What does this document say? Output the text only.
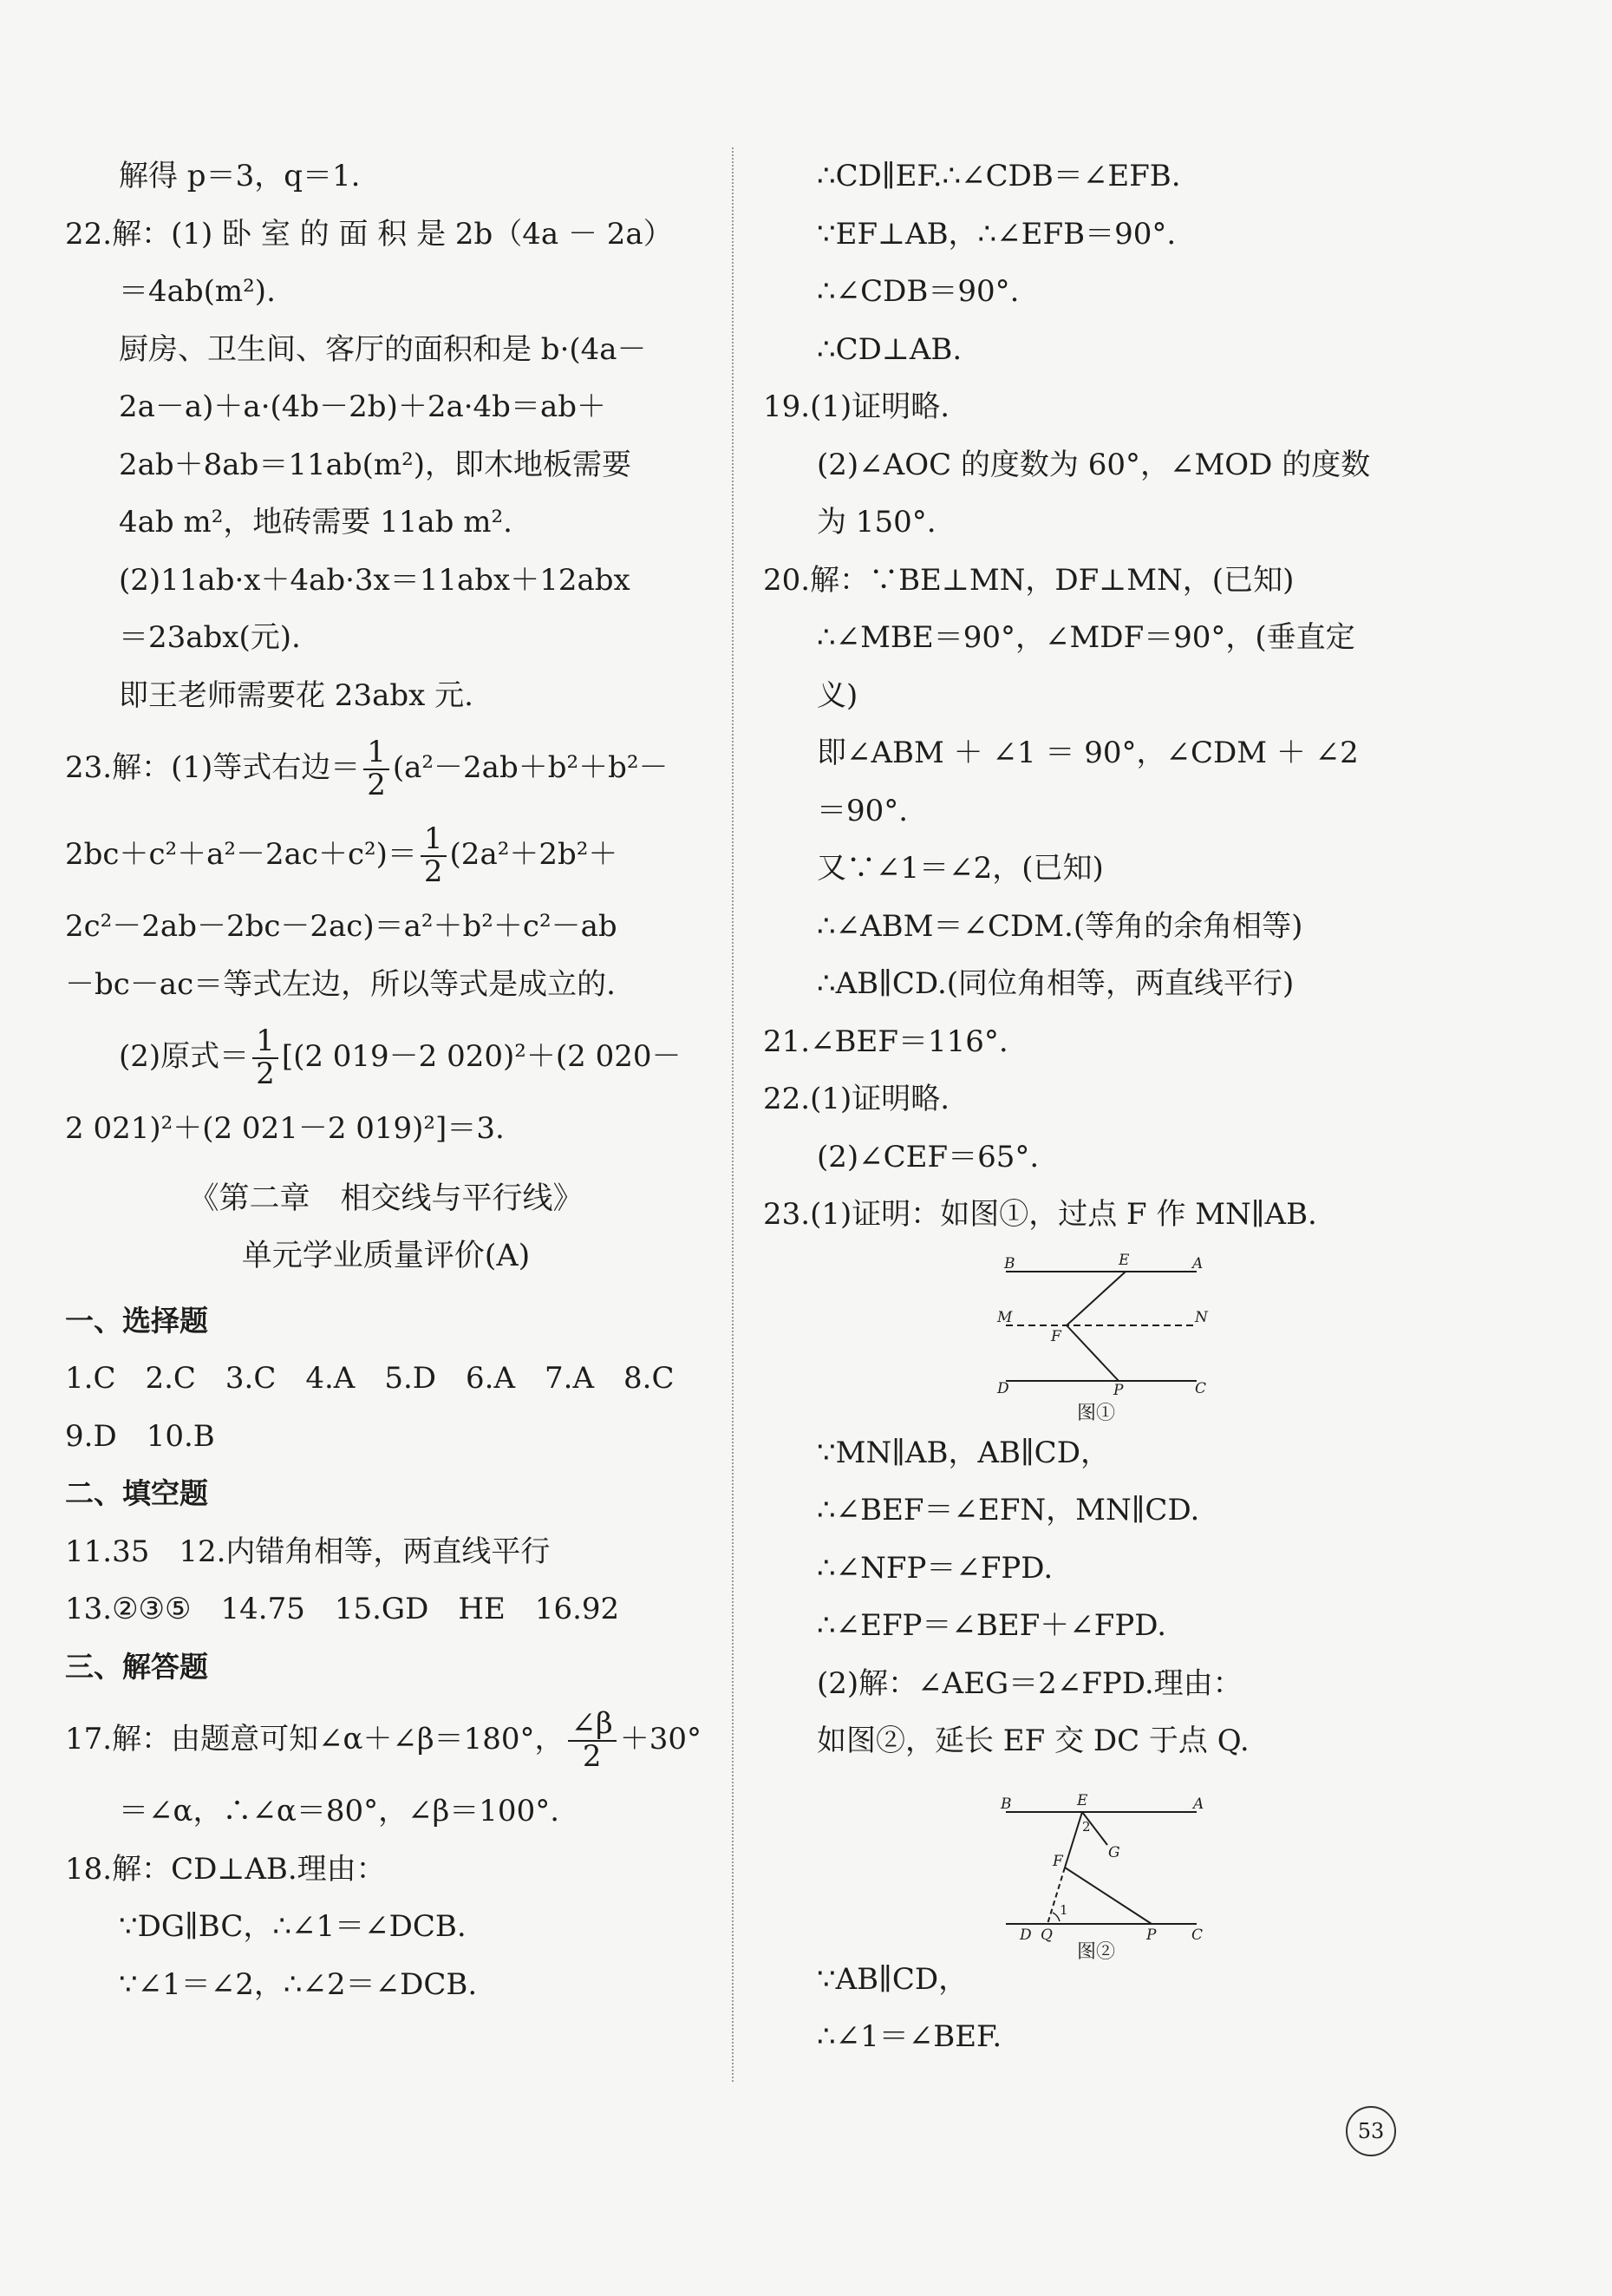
解得 p＝3，q＝1.
22.解：(1) 卧 室 的 面 积 是 2b（4a － 2a）
＝4ab(m²).
厨房、卫生间、客厅的面积和是 b·(4a－
2a－a)＋a·(4b－2b)＋2a·4b＝ab＋
2ab＋8ab＝11ab(m²)，即木地板需要
4ab m²，地砖需要 11ab m².
(2)11ab·x＋4ab·3x＝11abx＋12abx
＝23abx(元).
即王老师需要花 23abx 元.
23.解：(1)等式右边＝ $\frac{1}{2} (a^2-2ab+b^2+b^2-$
$2bc+c^2+a^2-2ac+c^2)= \frac{1}{2} (2a^2+2b^2+$
2c²－2ab－2bc－2ac)＝a²＋b²＋c²－ab
－bc－ac＝等式左边，所以等式是成立的.
(2)原式＝ $\frac{1}{2} [(2$ 019－2 020)²＋(2 020－
2 021)²＋(2 021－2 019)²]＝3.
《第二章　相交线与平行线》
单元学业质量评价(A)
一、选择题
1.C　2.C　3.C　4.A　5.D　6.A　7.A　8.C
9.D　10.B
二、填空题
11.35　12.内错角相等，两直线平行
13.②③⑤　14.75　15.GD　HE　16.92
三、解答题
17.解：由题意可知∠α＋∠β＝180°， $\frac{\angle\beta}{2} +30^\circ$
＝∠α，∴∠α＝80°，∠β＝100°.
18.解：CD⊥AB.理由：
∵DG∥BC，∴∠1＝∠DCB.
∵∠1＝∠2，∴∠2＝∠DCB.
∴CD∥EF.∴∠CDB＝∠EFB.
∵EF⊥AB，∴∠EFB＝90°.
∴∠CDB＝90°.
∴CD⊥AB.
19.(1)证明略.
(2)∠AOC 的度数为 60°，∠MOD 的度数
为 150°.
20.解：∵BE⊥MN，DF⊥MN，(已知)
∴∠MBE＝90°，∠MDF＝90°，(垂直定
义)
即∠ABM ＋ ∠1 ＝ 90°，∠CDM ＋ ∠2
＝90°.
又∵∠1＝∠2，(已知)
∴∠ABM＝∠CDM.(等角的余角相等)
∴AB∥CD.(同位角相等，两直线平行)
21.∠BEF＝116°.
22.(1)证明略.
(2)∠CEF＝65°.
23.(1)证明：如图①，过点 F 作 MN∥AB.
∵MN∥AB，AB∥CD，
∴∠BEF＝∠EFN，MN∥CD.
∴∠NFP＝∠FPD.
∴∠EFP＝∠BEF＋∠FPD.
(2)解：∠AEG＝2∠FPD.理由：
如图②，延长 EF 交 DC 于点 Q.
∵AB∥CD，
∴∠1＝∠BEF.
B	E	A
M
F
N
D	P	C
图①
B	E	A
2
G
F
1
D Q	P C
图②
53
